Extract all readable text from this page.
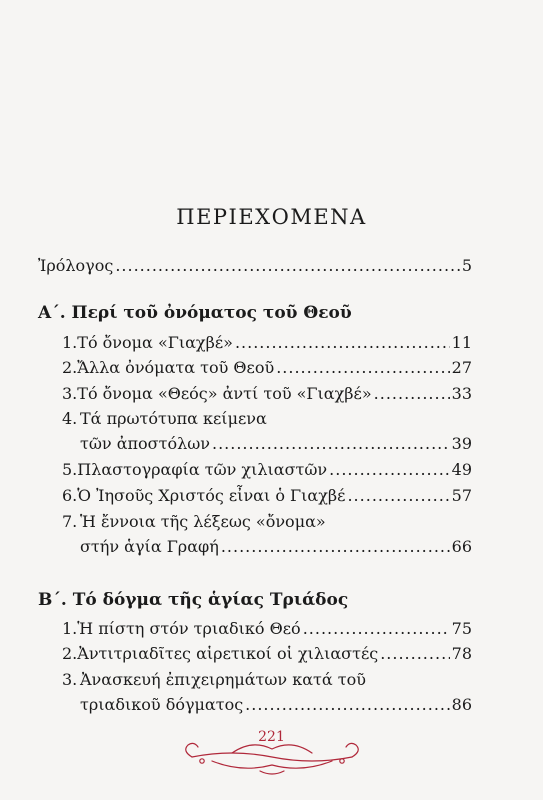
ΠΕΡΙΕΧΟΜΕΝΑ
Ἰρόλογος .....	5
Α΄. Περί τοῦ ὀνόματος τοῦ Θεοῦ
1. Τό ὄνομα «Γιαχβέ» .....	11
2. Ἄλλα ὀνόματα τοῦ Θεοῦ .....	27
3. Τό ὄνομα «Θεός» ἀντί τοῦ «Γιαχβέ» .....	33
4. Τά πρωτότυπα κείμενα
τῶν ἀποστόλων .....	39
5. Πλαστογραφία τῶν χιλιαστῶν .....	49
6. Ὁ Ἰησοῦς Χριστός εἶναι ὁ Γιαχβέ .....	57
7. Ἡ ἔννοια τῆς λέξεως «ὄνομα»
στήν ἁγία Γραφή .....	66
Β΄. Τό δόγμα τῆς ἁγίας Τριάδος
1. Ἡ πίστη στόν τριαδικό Θεό .....	75
2. Ἀντιτριαδῖτες αἱρετικοί οἱ χιλιαστές .....	78
3. Ἀνασκευή ἐπιχειρημάτων κατά τοῦ
τριαδικοῦ δόγματος .....	86
221
